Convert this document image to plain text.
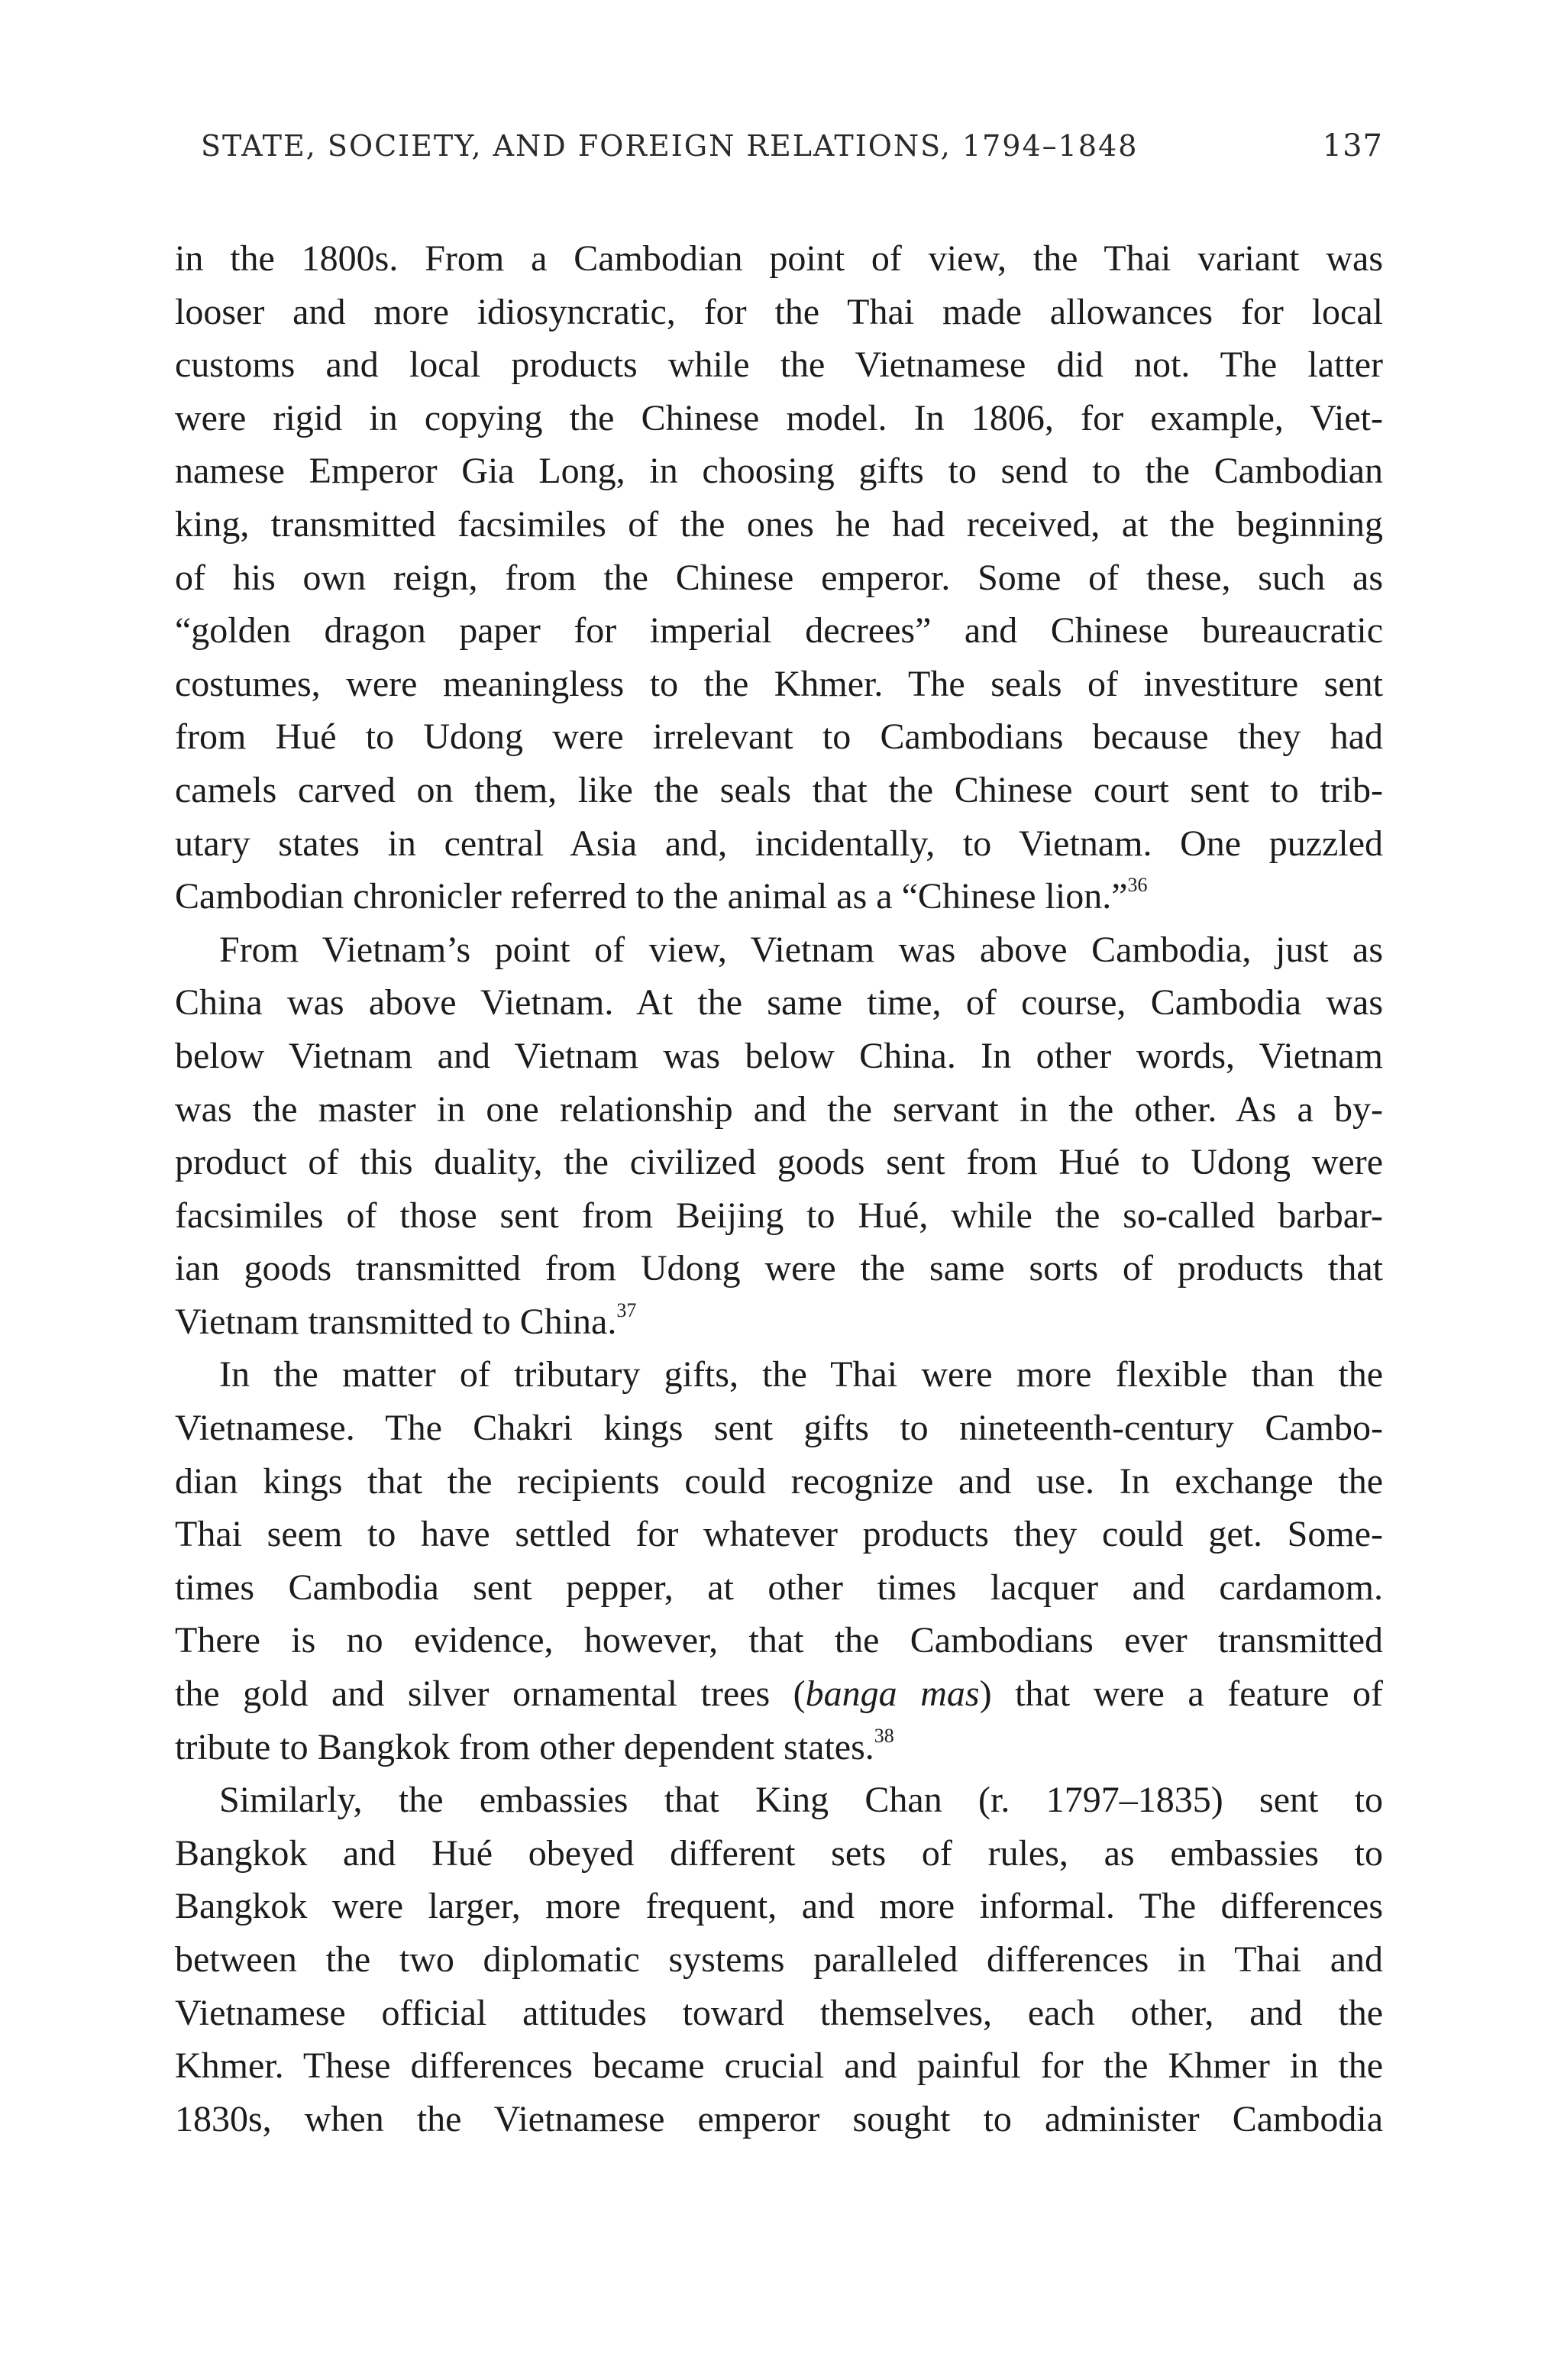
STATE, SOCIETY, AND FOREIGN RELATIONS, 1794–1848	137
in the 1800s. From a Cambodian point of view, the Thai variant was
looser and more idiosyncratic, for the Thai made allowances for local
customs and local products while the Vietnamese did not. The latter
were rigid in copying the Chinese model. In 1806, for example, Viet-
namese Emperor Gia Long, in choosing gifts to send to the Cambodian
king, transmitted facsimiles of the ones he had received, at the beginning
of his own reign, from the Chinese emperor. Some of these, such as
“golden dragon paper for imperial decrees” and Chinese bureaucratic
costumes, were meaningless to the Khmer. The seals of investiture sent
from Hué to Udong were irrelevant to Cambodians because they had
camels carved on them, like the seals that the Chinese court sent to trib-
utary states in central Asia and, incidentally, to Vietnam. One puzzled
Cambodian chronicler referred to the animal as a “Chinese lion.”$^{36}$
From Vietnam’s point of view, Vietnam was above Cambodia, just as
China was above Vietnam. At the same time, of course, Cambodia was
below Vietnam and Vietnam was below China. In other words, Vietnam
was the master in one relationship and the servant in the other. As a by-
product of this duality, the civilized goods sent from Hué to Udong were
facsimiles of those sent from Beijing to Hué, while the so-called barbar-
ian goods transmitted from Udong were the same sorts of products that
Vietnam transmitted to China.$^{37}$
In the matter of tributary gifts, the Thai were more flexible than the
Vietnamese. The Chakri kings sent gifts to nineteenth-century Cambo-
dian kings that the recipients could recognize and use. In exchange the
Thai seem to have settled for whatever products they could get. Some-
times Cambodia sent pepper, at other times lacquer and cardamom.
There is no evidence, however, that the Cambodians ever transmitted
the gold and silver ornamental trees (banga mas) that were a feature of
tribute to Bangkok from other dependent states.$^{38}$
Similarly, the embassies that King Chan (r. 1797–1835) sent to
Bangkok and Hué obeyed different sets of rules, as embassies to
Bangkok were larger, more frequent, and more informal. The differences
between the two diplomatic systems paralleled differences in Thai and
Vietnamese official attitudes toward themselves, each other, and the
Khmer. These differences became crucial and painful for the Khmer in the
1830s, when the Vietnamese emperor sought to administer Cambodia
